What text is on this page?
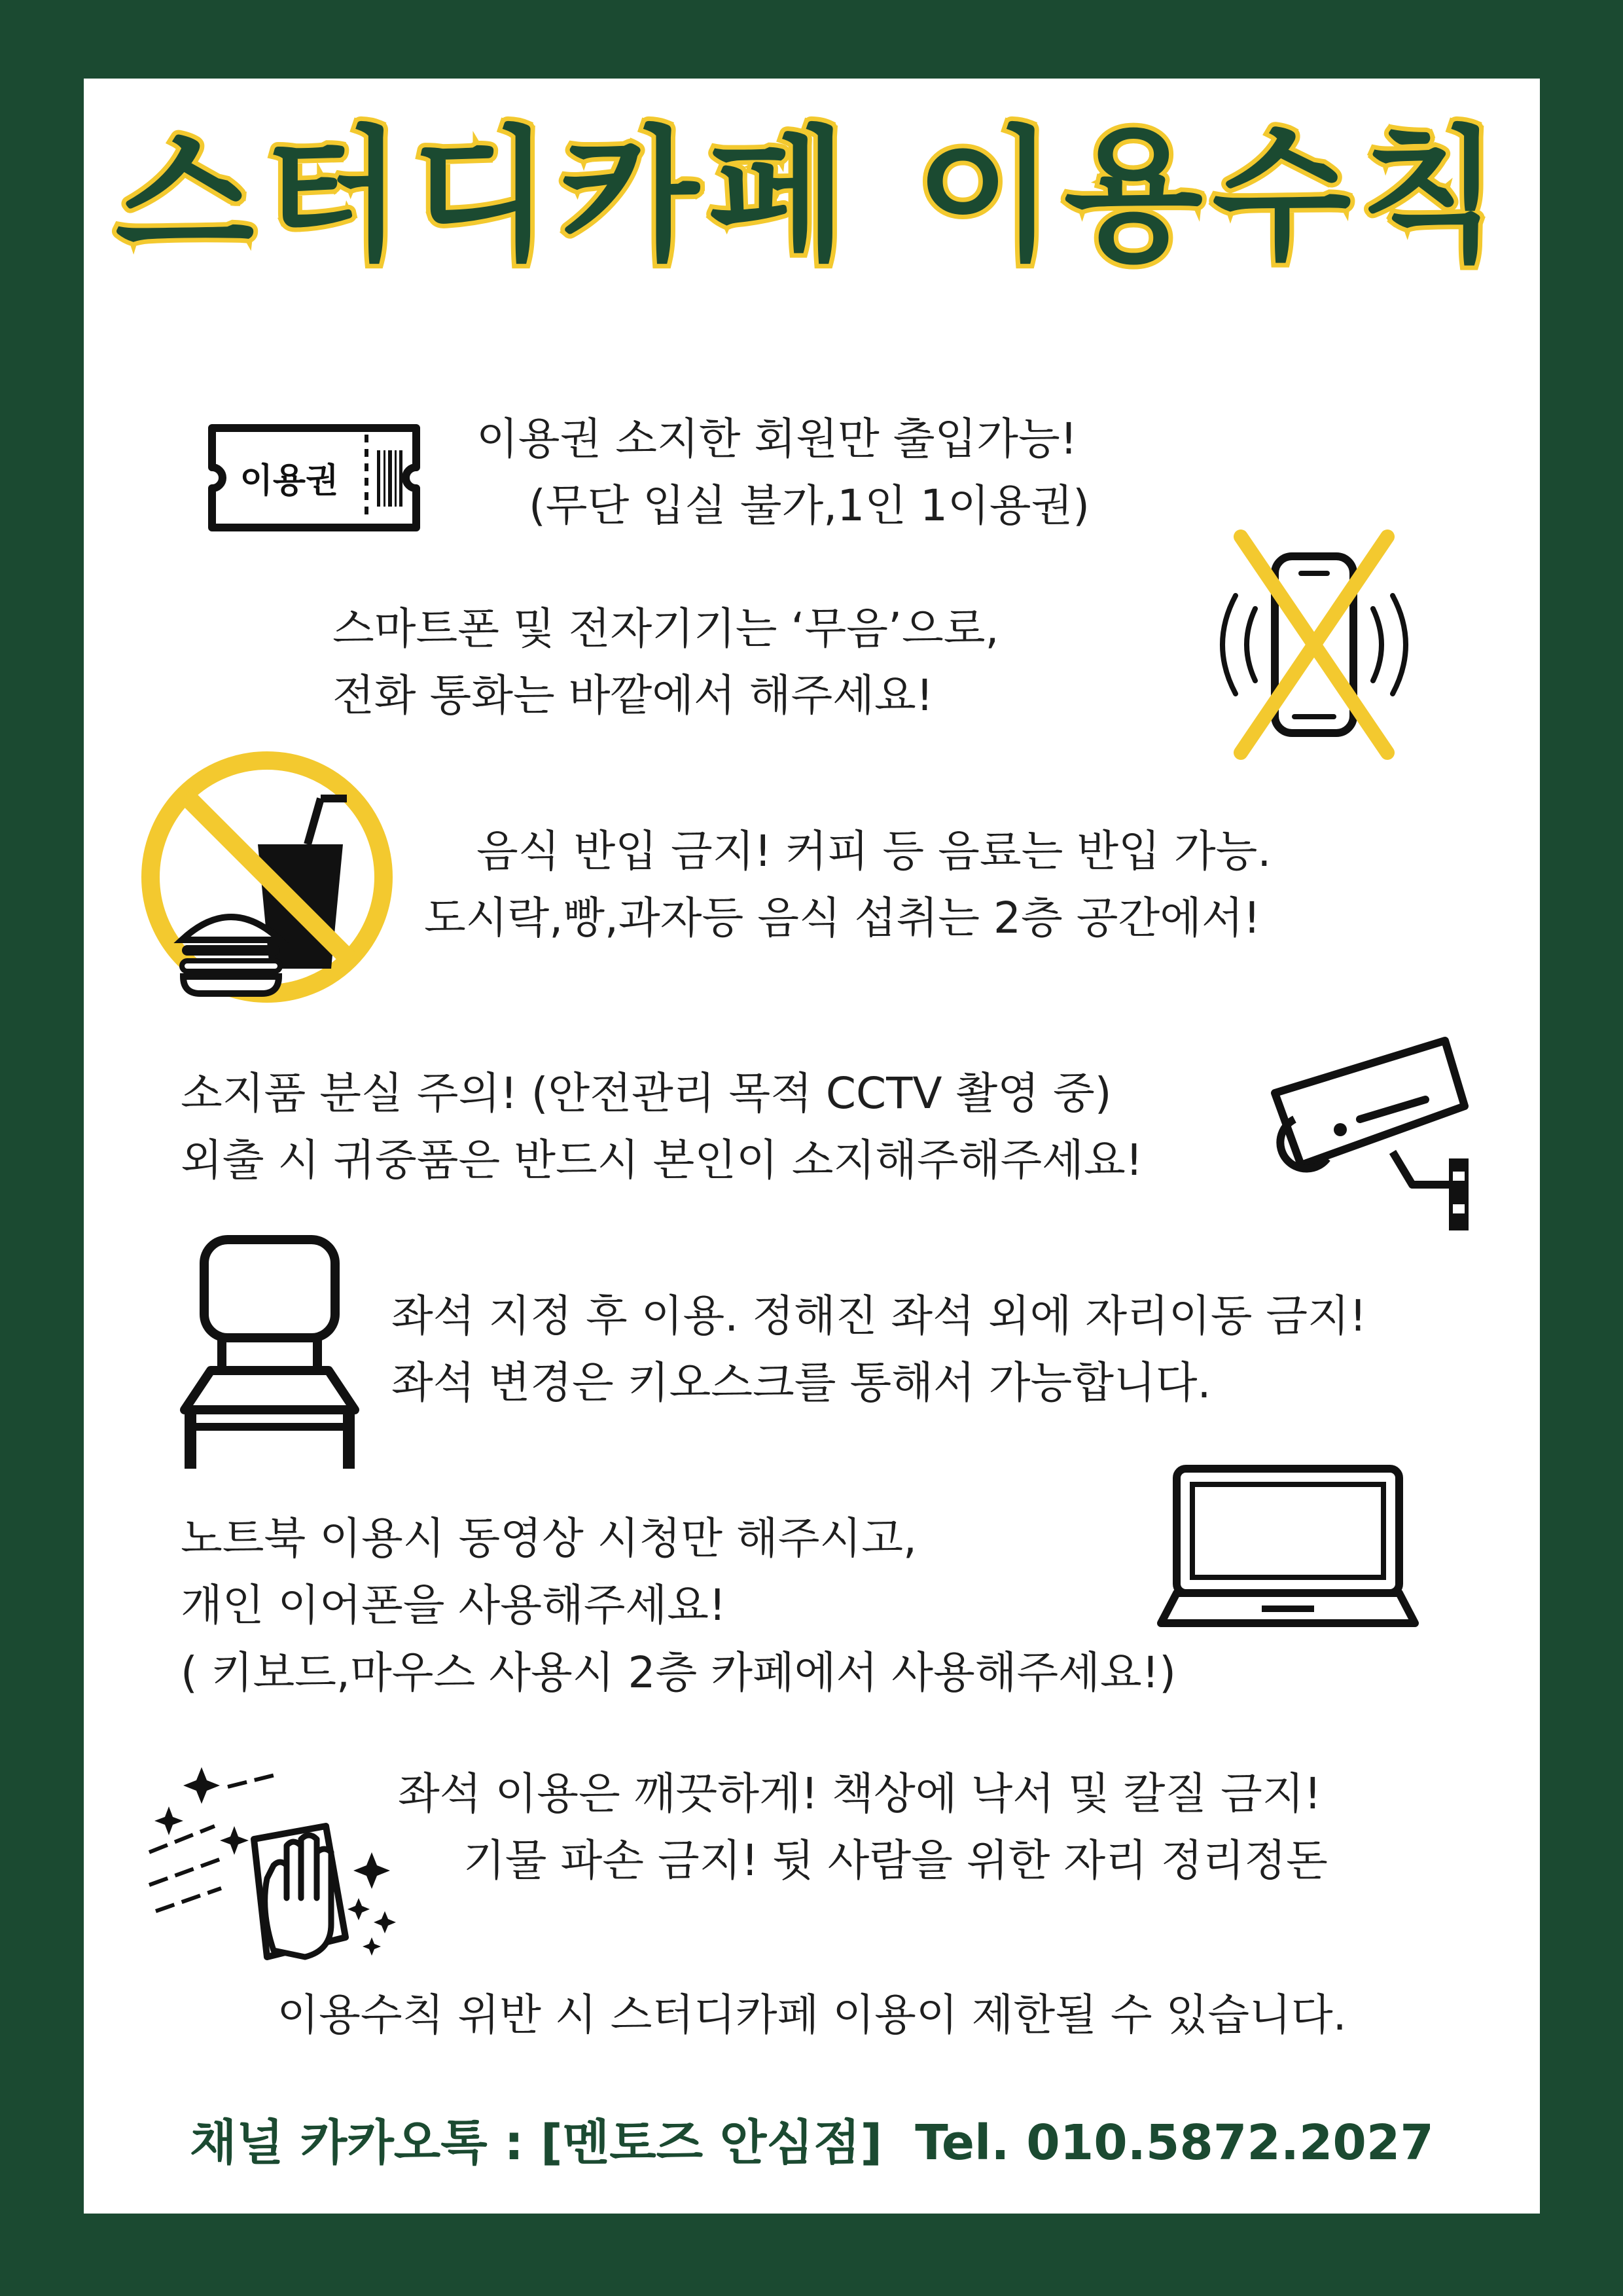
스터디카페 이용수칙
이용권
이용권 소지한 회원만 출입가능!
(무단 입실 불가,1인 1이용권)
스마트폰 및 전자기기는 ‘무음’으로,
전화 통화는 바깥에서 해주세요!
음식 반입 금지! 커피 등 음료는 반입 가능.
도시락,빵,과자등 음식 섭취는 2층 공간에서!
소지품 분실 주의! (안전관리 목적 CCTV 촬영 중)
외출 시 귀중품은 반드시 본인이 소지해주해주세요!
좌석 지정 후 이용. 정해진 좌석 외에 자리이동 금지!
좌석 변경은 키오스크를 통해서 가능합니다.
노트북 이용시 동영상 시청만 해주시고,
개인 이어폰을 사용해주세요!
( 키보드,마우스 사용시 2층 카페에서 사용해주세요!)
좌석 이용은 깨끗하게! 책상에 낙서 및 칼질 금지!
기물 파손 금지! 뒷 사람을 위한 자리 정리정돈
이용수칙 위반 시 스터디카페 이용이 제한될 수 있습니다.
채널 카카오톡 : [멘토즈 안심점] Tel. 010.5872.2027
